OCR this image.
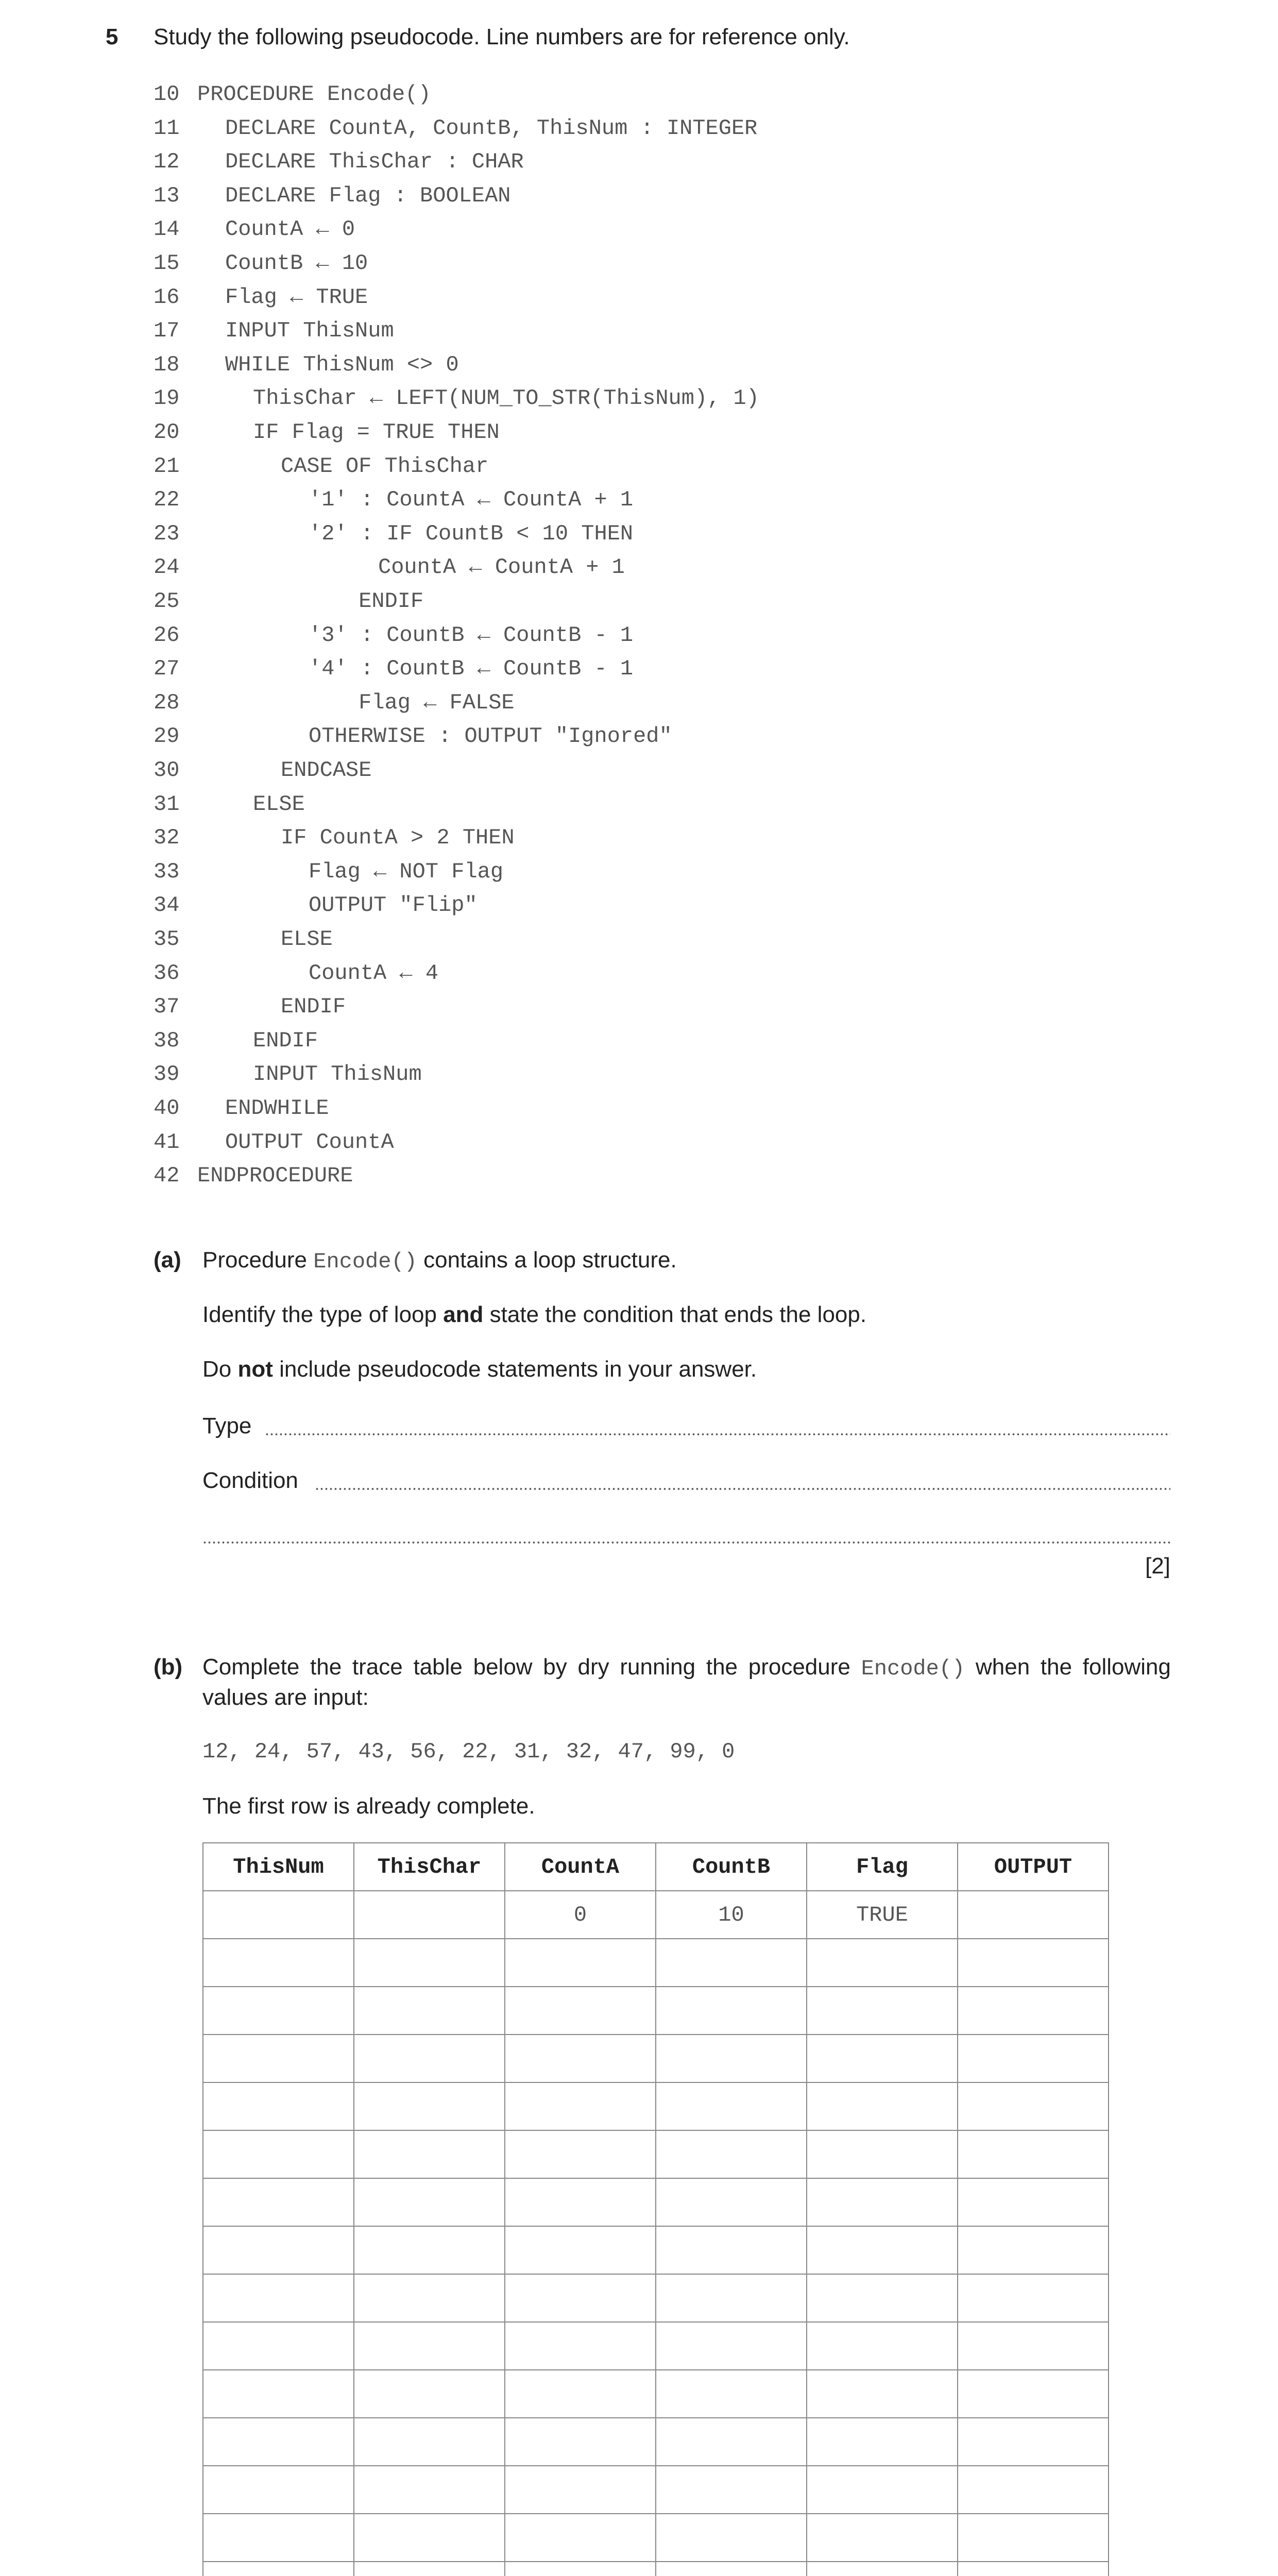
5 Study the following pseudocode. Line numbers are for reference only.
10 PROCEDURE Encode()
11	DECLARE CountA, CountB, ThisNum : INTEGER
12	DECLARE ThisChar : CHAR
13	DECLARE Flag : BOOLEAN
14	CountA ← 0
15	CountB ← 10
16	Flag ← TRUE
17	INPUT ThisNum
18	WHILE ThisNum <> 0
19	ThisChar ← LEFT(NUM_TO_STR(ThisNum), 1)
20	IF Flag = TRUE THEN
21	CASE OF ThisChar
22	'1' : CountA ← CountA + 1
23	'2' : IF CountB < 10 THEN
24	CountA ← CountA + 1
25	ENDIF
26	'3' : CountB ← CountB - 1
27	'4' : CountB ← CountB - 1
28	Flag ← FALSE
29	OTHERWISE : OUTPUT "Ignored"
30	ENDCASE
31	ELSE
32	IF CountA > 2 THEN
33	Flag ← NOT Flag
34	OUTPUT "Flip"
35	ELSE
36	CountA ← 4
37	ENDIF
38	ENDIF
39	INPUT ThisNum
40	ENDWHILE
41	OUTPUT CountA
42 ENDPROCEDURE
(a) Procedure Encode() contains a loop structure.
Identify the type of loop and state the condition that ends the loop.
Do not include pseudocode statements in your answer.
Type
Condition
[2]
(b) Complete the trace table below by dry running the procedure Encode() when the following values are input:
12, 24, 57, 43, 56, 22, 31, 32, 47, 99, 0
The first row is already complete.
ThisNum	ThisChar	CountA	CountB	Flag	OUTPUT
		0	10	TRUE	
